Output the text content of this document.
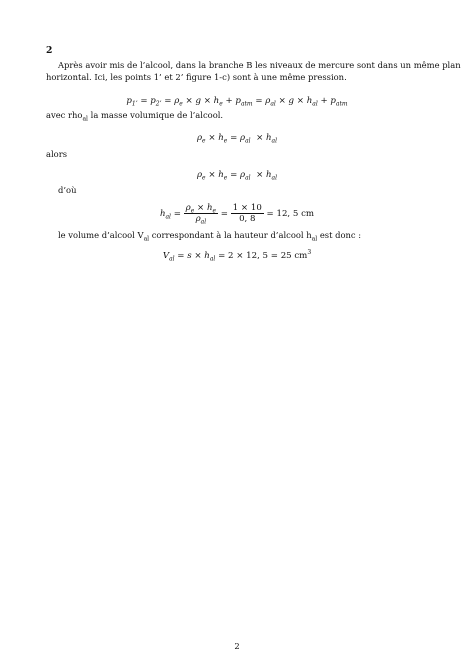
2
Après avoir mis de l’alcool, dans la branche B les niveaux de mercure sont dans un même plan
horizontal. Ici, les points 1’ et 2’ figure 1-c) sont à une même pression.
$p_{1’} = p_{2’} = \rho_e \times g \times h_e + p_{atm} = \rho_{al} \times g \times h_{al} + p_{atm}$
avec rho$_{al}$ la masse volumique de l’alcool.
$\rho_e \times h_e = \rho_{al} \times h_{al}$
alors
$\rho_e \times h_e = \rho_{al} \times h_{al}$
d’où
$h_{al} = \frac{\rho_e \times h_e}{\rho_{al}} = \frac{1 \times 10}{0, 8} = 12$, 5 cm
le volume d’alcool $V_{al}$ correspondant à la hauteur d’alcool $h_{al}$ est donc :
$V_{al} = s \times h_{al} = 2 \times 12$, 5 = 25 $cm^3$
2
